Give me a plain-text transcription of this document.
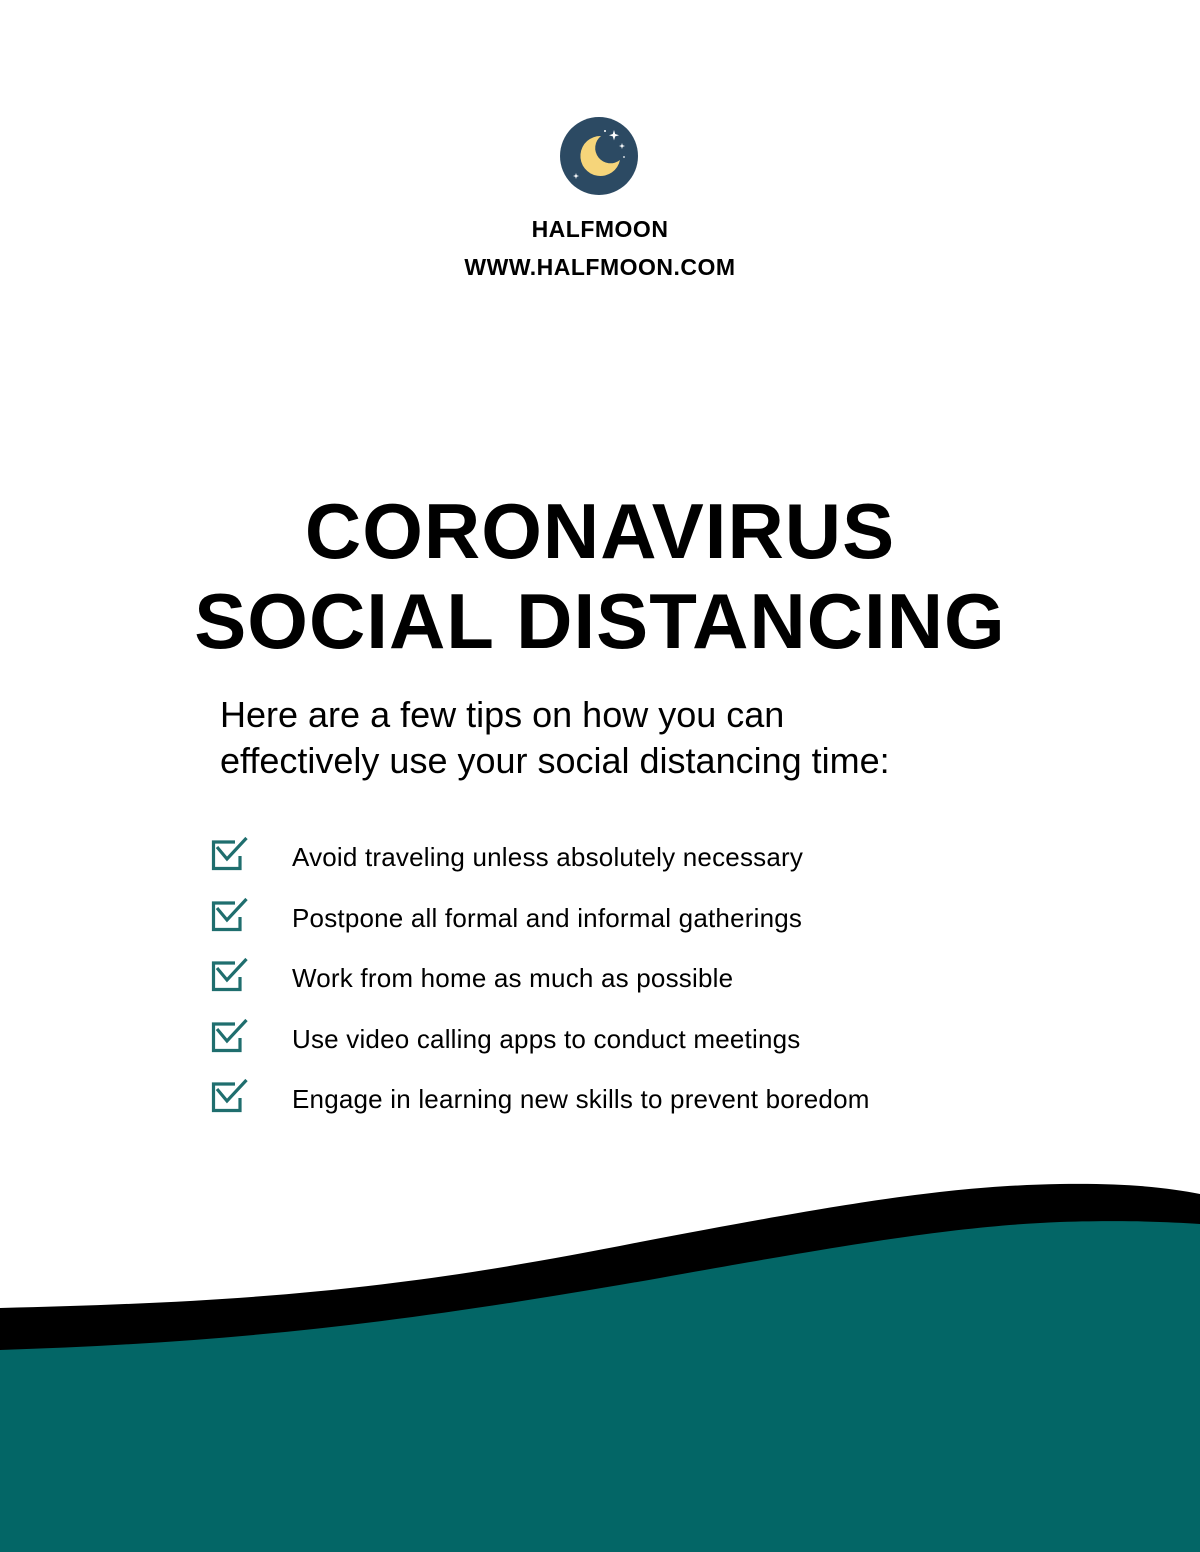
HALFMOON
WWW.HALFMOON.COM
CORONAVIRUS
SOCIAL DISTANCING

Here are a few tips on how you can
effectively use your social distancing time:

Avoid traveling unless absolutely necessary
Postpone all formal and informal gatherings
Work from home as much as possible
Use video calling apps to conduct meetings
Engage in learning new skills to prevent boredom
